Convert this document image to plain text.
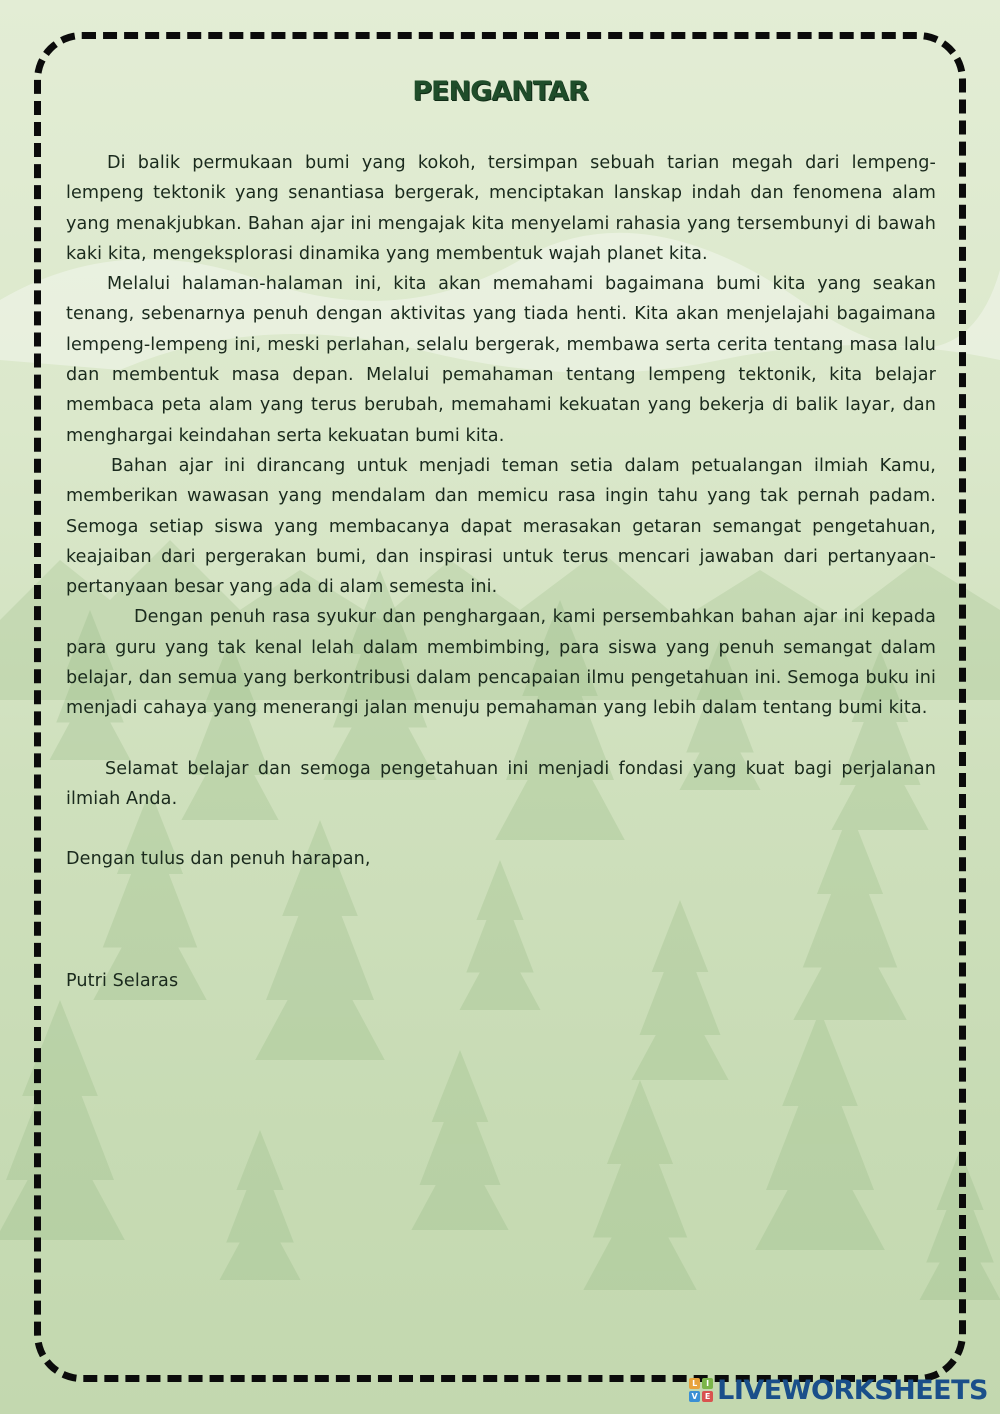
PENGANTAR

Di balik permukaan bumi yang kokoh, tersimpan sebuah tarian megah dari lempeng-lempeng tektonik yang senantiasa bergerak, menciptakan lanskap indah dan fenomena alam yang menakjubkan. Bahan ajar ini mengajak kita menyelami rahasia yang tersembunyi di bawah kaki kita, mengeksplorasi dinamika yang membentuk wajah planet kita.

Melalui halaman-halaman ini, kita akan memahami bagaimana bumi kita yang seakan tenang, sebenarnya penuh dengan aktivitas yang tiada henti. Kita akan menjelajahi bagaimana lempeng-lempeng ini, meski perlahan, selalu bergerak, membawa serta cerita tentang masa lalu dan membentuk masa depan. Melalui pemahaman tentang lempeng tektonik, kita belajar membaca peta alam yang terus berubah, memahami kekuatan yang bekerja di balik layar, dan menghargai keindahan serta kekuatan bumi kita.

Bahan ajar ini dirancang untuk menjadi teman setia dalam petualangan ilmiah Kamu, memberikan wawasan yang mendalam dan memicu rasa ingin tahu yang tak pernah padam. Semoga setiap siswa yang membacanya dapat merasakan getaran semangat pengetahuan, keajaiban dari pergerakan bumi, dan inspirasi untuk terus mencari jawaban dari pertanyaan-pertanyaan besar yang ada di alam semesta ini.

Dengan penuh rasa syukur dan penghargaan, kami persembahkan bahan ajar ini kepada para guru yang tak kenal lelah dalam membimbing, para siswa yang penuh semangat dalam belajar, dan semua yang berkontribusi dalam pencapaian ilmu pengetahuan ini. Semoga buku ini menjadi cahaya yang menerangi jalan menuju pemahaman yang lebih dalam tentang bumi kita.

Selamat belajar dan semoga pengetahuan ini menjadi fondasi yang kuat bagi perjalanan ilmiah Anda.

Dengan tulus dan penuh harapan,

Putri Selaras

L	I
V E LIVEWORKSHEETS
